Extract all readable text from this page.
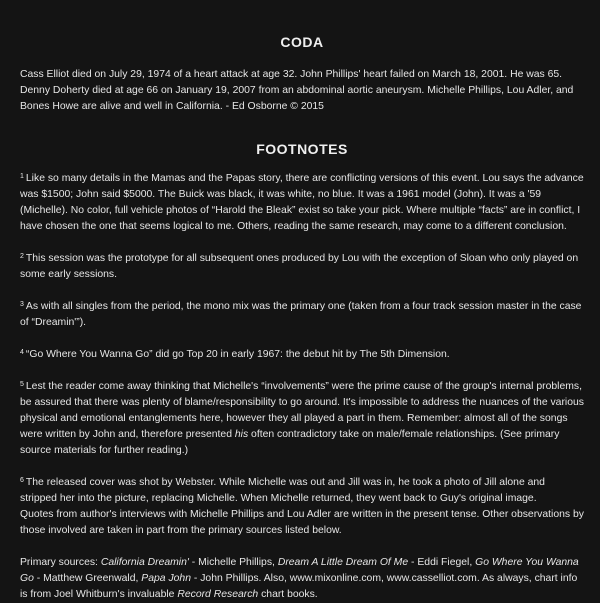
CODA

Cass Elliot died on July 29, 1974 of a heart attack at age 32. John Phillips' heart failed on March 18, 2001. He was 65. Denny Doherty died at age 66 on January 19, 2007 from an abdominal aortic aneurysm. Michelle Phillips, Lou Adler, and Bones Howe are alive and well in California. - Ed Osborne © 2015

FOOTNOTES

$^1$ Like so many details in the Mamas and the Papas story, there are conflicting versions of this event. Lou says the advance was $1500; John said $5000. The Buick was black, it was white, no blue. It was a 1961 model (John). It was a '59 (Michelle). No color, full vehicle photos of “Harold the Bleak” exist so take your pick. Where multiple “facts” are in conflict, I have chosen the one that seems logical to me. Others, reading the same research, may come to a different conclusion.

$^2$ This session was the prototype for all subsequent ones produced by Lou with the exception of Sloan who only played on some early sessions.

$^3$ As with all singles from the period, the mono mix was the primary one (taken from a four track session master in the case of “Dreamin'”).

$^4$ “Go Where You Wanna Go” did go Top 20 in early 1967: the debut hit by The 5th Dimension.

$^5$ Lest the reader come away thinking that Michelle's “involvements” were the prime cause of the group's internal problems, be assured that there was plenty of blame/responsibility to go around. It's impossible to address the nuances of the various physical and emotional entanglements here, however they all played a part in them. Remember: almost all of the songs were written by John and, therefore presented his often contradictory take on male/female relationships. (See primary source materials for further reading.)

$^6$ The released cover was shot by Webster. While Michelle was out and Jill was in, he took a photo of Jill alone and stripped her into the picture, replacing Michelle. When Michelle returned, they went back to Guy's original image.

Quotes from author's interviews with Michelle Phillips and Lou Adler are written in the present tense. Other observations by those involved are taken in part from the primary sources listed below.

Primary sources: California Dreamin' - Michelle Phillips, Dream A Little Dream Of Me - Eddi Fiegel, Go Where You Wanna Go - Matthew Greenwald, Papa John - John Phillips. Also, www.mixonline.com, www.casselliot.com. As always, chart info is from Joel Whitburn's invaluable Record Research chart books.
